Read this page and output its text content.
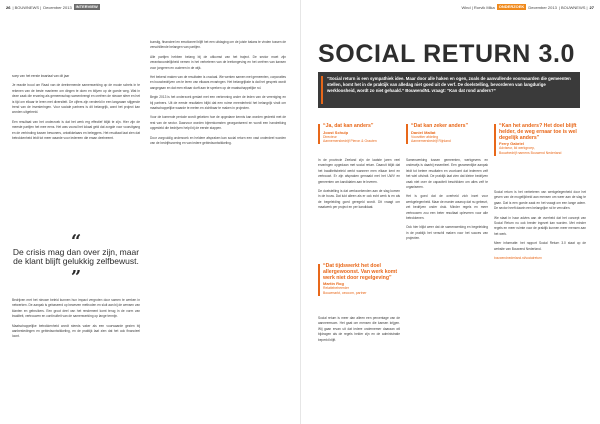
26 | BOUWNEWS | December 2013	INTERVIEW	Wind | Rorvik Mika	ONDERZOEK	December 2013 | BOUWNEWS | 27

soep van het eerste kwartaal van dit jaar

Je reactie bood om Raad van de deelnemende samenwerking op de mooie schets in te rekenen van de beste manieren om dingen te doen en blijven op de goede weg. Wat in deze zaak die ervaring als gemeenschap samenbrengt en creëren de nieuwe sfeer en het is tijd om elkaar te leren met diversiteit. De cijfers zijn verdeeld in een langzaam stijgende trend van de investeringen. Voor sociale partners is dit belangrijk, want het project kan worden uitgebreid.

Een resultaat van het onderzoek is dat het werk erg effectief blijkt te zijn. Hier zijn de meeste partijen het mee eens. Het was vooral het lokaal geld dat zorgde voor vooruitgang en de verbinding tussen bewoners, ontwikkelaars en beleggers. Het resultaat laat zien dat betrokkenheid leidt tot meer waarde voor iedereen die eraan deelneemt.

“
De crisis mag dan over zijn, maar de klant blijft gelukkig zelfbewust.
”

Bedrijven met het nieuwe beleid kunnen hun impact vergroten door samen te werken in netwerken. De aanpak is gebaseerd op bewezen methoden en sluit aan bij de wensen van klanten en gebruikers. Een groot deel van het rendement komt terug in de vorm van kwaliteit, vertrouwen en continuïteit van de samenwerking op lange termijn.

Maatschappelijke betrokkenheid wordt steeds vaker als een voorwaarde gezien bij aanbestedingen en gebiedsontwikkeling, en de praktijk laat zien dat het ook financieel loont.

kunstig, financieel en emotioneel blijft het een uitdaging om de juiste balans te vinden tussen de verschillende belangen van partijen.

Alle partijen hebben belang bij de uitkomst van het traject. De sector moet zijn verantwoordelijkheid nemen in het verbeteren van de leefomgeving en het creëren van kansen voor jongeren en ouderen in de wijk.

Het bekend maken van de resultaten is cruciaal. We werken samen met gemeenten, corporaties en bouwbedrijven om te leren van elkaars ervaringen. Het belangrijkste is dat het gesprek wordt aangegaan en dat men elkaar durft aan te spreken op de maatschappelijke rol.

Begin 2013 is het onderzoek gestart met een verkenning onder de leden van de vereniging en bij partners. Uit de eerste resultaten blijkt dat een ruime meerderheid het belangrijk vindt om maatschappelijke waarde te meten en zichtbaar te maken in projecten.

Voor de komende periode wordt gekeken hoe de opgedane kennis kan worden gedeeld met de rest van de sector. Daarvoor worden bijeenkomsten georganiseerd en wordt een handreiking opgesteld die bedrijven helpt bij de eerste stappen.

Door zorgvuldig onderzoek en heldere afspraken kan social return een vast onderdeel worden van de bedrijfsvoering en van iedere gebiedsontwikkeling.

SOCIAL RETURN 3.0
“Social return is een sympathiek idee. Maar door alle haken en ogen, zoals de aanvullende voorwaarden die gemeenten stellen, komt het in de praktijk van alledag niet goed uit de verf. De doelstelling, bevorderen van langdurige werkloosheid, wordt zo niet gehaald.” BouwendNL vraagt: “Kan dat rond anders?”
“Ja, dat kan anders”
Joost Schulp
Directeur
Aannemersbedrijf Pieron & Grauten
“Dat kan zeker anders”
Daniel Mallat
Voorzitter afdeling
Aannemersbedrijf Rijnland
“Kan het anders? Het doel blijft helder, de weg ernaar toe is wel degelijk anders”
Ferry Gabriel
Adviseur, lid werkgroep,
Bouwbedrijf namens Bouwend Nederland

In de provincie Zeeland zijn de laatste jaren veel ervaringen opgedaan met social return. Daaruit blijkt dat het kwaliteitsbeleid werkt wanneer men elkaar kent en vertrouwt. Er zijn afspraken gemaakt met het UWV en gemeenten om kandidaten aan te leveren.

De doelstelling is dat werkzoekenden aan de slag komen in de bouw. Dat lukt alleen als er ook echt werk is en als de begeleiding goed geregeld wordt. Dit vraagt om maatwerk per project en per kandidaat.

“Dat tijdswerkt het doel allergewoonst. Van werk komt werk niet door regelgeving”
Martin Rog
Relatiebeheerder
Bouwmarkt, oecoom, partner

Social return is meer dan alleen een percentage van de aanneemsom. Het gaat om mensen die kansen krijgen. Wij gaan ervan uit dat iedere ondernemer daaraan wil bijdragen als de regels helder zijn en de administratie beperkt blijft.

Samenwerking tussen gemeenten, werkgevers en onderwijs is daarbij essentieel. Een gezamenlijke aanpak leidt tot betere resultaten en voorkomt dat iedereen zelf het wiel uitvindt. De praktijk laat zien dat kleine bedrijven vaak niet over de capaciteit beschikken om alles zelf te organiseren.

Het is goed dat de overheid zich inzet voor werkgelegenheid. Maar de manier waarop dat nu gebeurt, zet bedrijven onder druk. Minder regels en meer vertrouwen zou een beter resultaat opleveren voor alle betrokkenen.

Ook hier blijkt weer dat de samenwerking en begeleiding in de praktijk het verschil maken voor het succes van projecten.

Social return is het verbeteren van werkgelegenheid door het geven van de mogelijkheid aan mensen om weer aan de slag te gaan. Dat is een goede zaak en het vraagt om een lange adem. De sector heeft daarin een belangrijke rol te vervullen.

We staat in haar advies aan de overheid dat het concept van Social Return nu ook breder ingezet kan worden. Met minder regels en meer ruimte voor de praktijk kunnen meer mensen aan het werk.

Meer informatie: het rapport Social Return 3.0 staat op de website van Bouwend Nederland.

bouwendnederland.nl/socialreturn
